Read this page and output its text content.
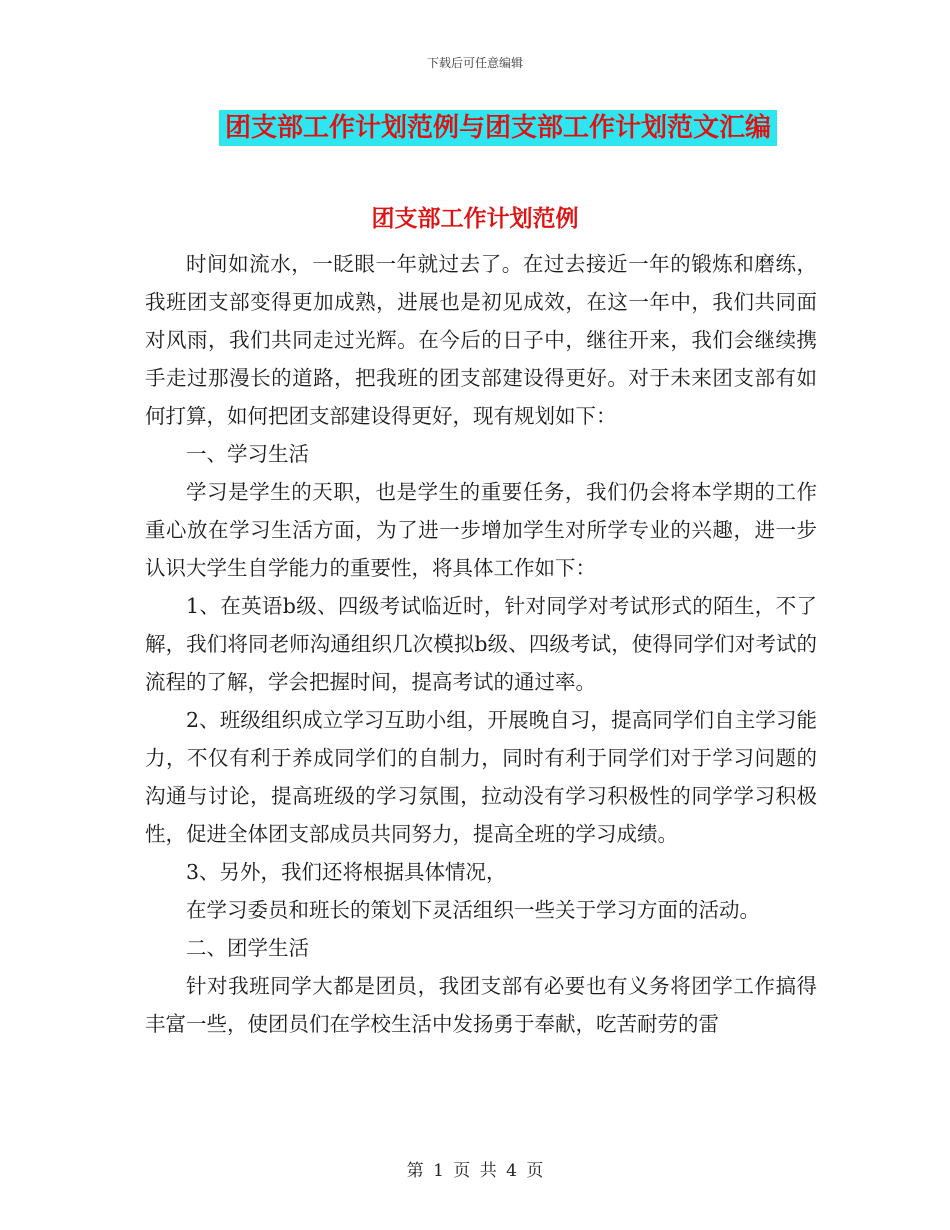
下载后可任意编辑
团支部工作计划范例与团支部工作计划范文汇编
团支部工作计划范例

时间如流水，一眨眼一年就过去了。在过去接近一年的锻炼和磨练，我班团支部变得更加成熟，进展也是初见成效，在这一年中，我们共同面对风雨，我们共同走过光辉。在今后的日子中，继往开来，我们会继续携手走过那漫长的道路，把我班的团支部建设得更好。对于未来团支部有如何打算，如何把团支部建设得更好，现有规划如下：

一、学习生活

学习是学生的天职，也是学生的重要任务，我们仍会将本学期的工作重心放在学习生活方面，为了进一步增加学生对所学专业的兴趣，进一步认识大学生自学能力的重要性，将具体工作如下：

1、在英语b级、四级考试临近时，针对同学对考试形式的陌生，不了解，我们将同老师沟通组织几次模拟b级、四级考试，使得同学们对考试的流程的了解，学会把握时间，提高考试的通过率。

2、班级组织成立学习互助小组，开展晚自习，提高同学们自主学习能力，不仅有利于养成同学们的自制力，同时有利于同学们对于学习问题的沟通与讨论，提高班级的学习氛围，拉动没有学习积极性的同学学习积极性，促进全体团支部成员共同努力，提高全班的学习成绩。

3、另外，我们还将根据具体情况，

在学习委员和班长的策划下灵活组织一些关于学习方面的活动。

二、团学生活

针对我班同学大都是团员，我团支部有必要也有义务将团学工作搞得丰富一些，使团员们在学校生活中发扬勇于奉献，吃苦耐劳的雷

第 1 页 共 4 页
